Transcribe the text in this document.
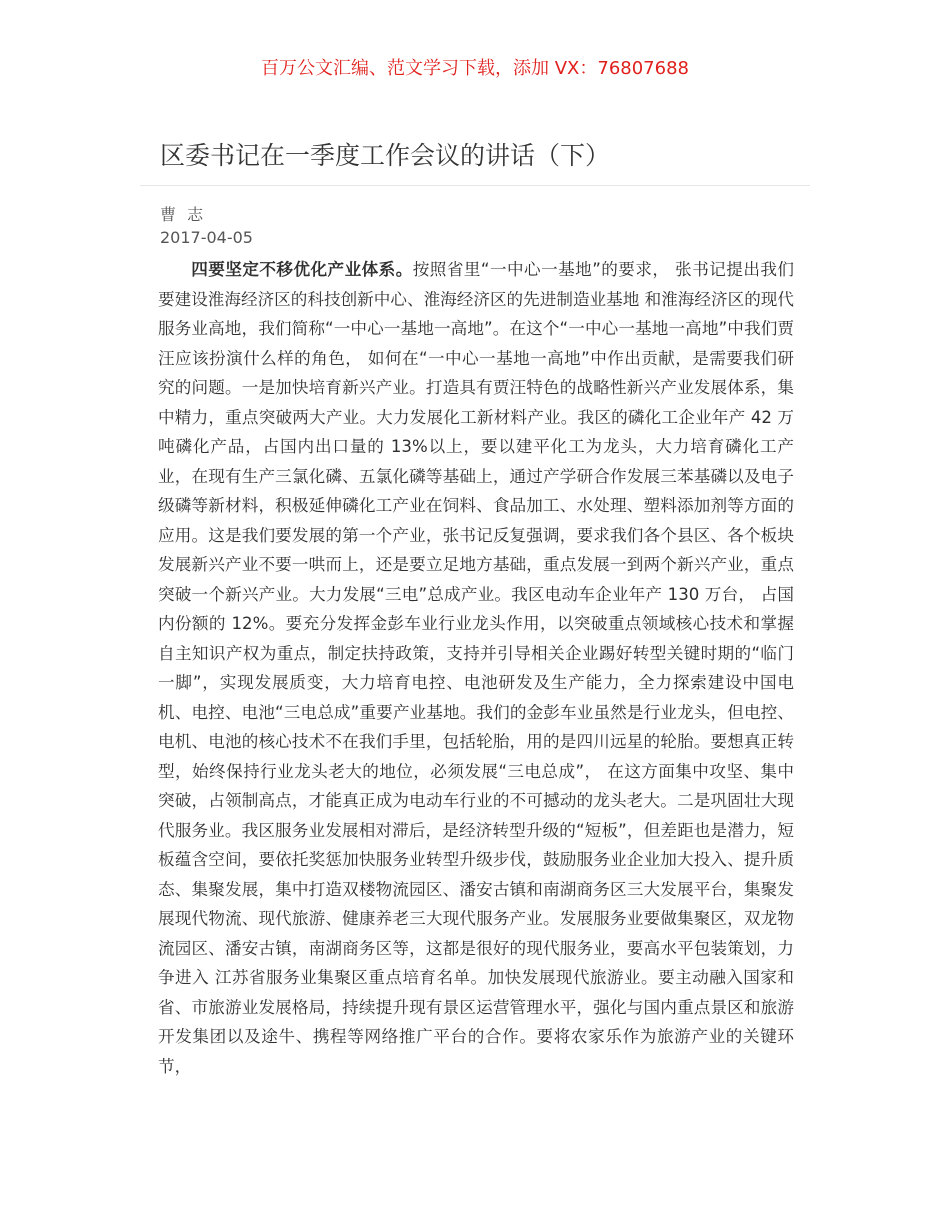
百万公文汇编、范文学习下载，添加 VX：76807688
区委书记在一季度工作会议的讲话（下）
曹 志
2017-04-05

四要坚定不移优化产业体系。按照省里“一中心一基地”的要求， 张书记提出我们要建设淮海经济区的科技创新中心、淮海经济区的先进制造业基地 和淮海经济区的现代服务业高地，我们简称“一中心一基地一高地”。在这个“一中心一基地一高地”中我们贾汪应该扮演什么样的角色， 如何在“一中心一基地一高地”中作出贡献，是需要我们研究的问题。一是加快培育新兴产业。打造具有贾汪特色的战略性新兴产业发展体系，集中精力，重点突破两大产业。大力发展化工新材料产业。我区的磷化工企业年产 42 万吨磷化产品，占国内出口量的 13%以上，要以建平化工为龙头，大力培育磷化工产业，在现有生产三氯化磷、五氯化磷等基础上，通过产学研合作发展三苯基磷以及电子级磷等新材料，积极延伸磷化工产业在饲料、食品加工、水处理、塑料添加剂等方面的应用。这是我们要发展的第一个产业，张书记反复强调，要求我们各个县区、各个板块发展新兴产业不要一哄而上，还是要立足地方基础，重点发展一到两个新兴产业，重点突破一个新兴产业。大力发展“三电”总成产业。我区电动车企业年产 130 万台， 占国内份额的 12%。要充分发挥金彭车业行业龙头作用，以突破重点领域核心技术和掌握自主知识产权为重点，制定扶持政策，支持并引导相关企业踢好转型关键时期的“临门一脚”，实现发展质变，大力培育电控、电池研发及生产能力，全力探索建设中国电机、电控、电池“三电总成”重要产业基地。我们的金彭车业虽然是行业龙头，但电控、电机、电池的核心技术不在我们手里，包括轮胎，用的是四川远星的轮胎。要想真正转型，始终保持行业龙头老大的地位，必须发展“三电总成”， 在这方面集中攻坚、集中突破，占领制高点，才能真正成为电动车行业的不可撼动的龙头老大。二是巩固壮大现代服务业。我区服务业发展相对滞后，是经济转型升级的“短板”，但差距也是潜力，短板蕴含空间，要依托奖惩加快服务业转型升级步伐，鼓励服务业企业加大投入、提升质态、集聚发展，集中打造双楼物流园区、潘安古镇和南湖商务区三大发展平台，集聚发展现代物流、现代旅游、健康养老三大现代服务产业。发展服务业要做集聚区，双龙物流园区、潘安古镇，南湖商务区等，这都是很好的现代服务业，要高水平包装策划，力争进入 江苏省服务业集聚区重点培育名单。加快发展现代旅游业。要主动融入国家和省、市旅游业发展格局，持续提升现有景区运营管理水平，强化与国内重点景区和旅游开发集团以及途牛、携程等网络推广平台的合作。要将农家乐作为旅游产业的关键环节，
